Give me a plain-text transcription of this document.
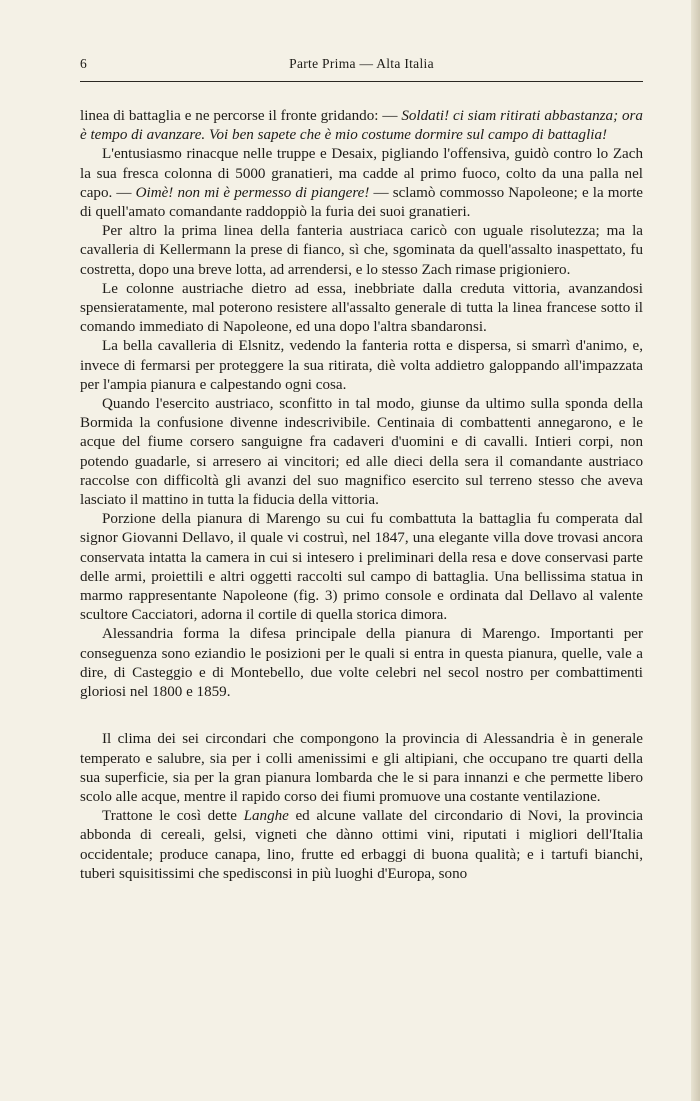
6	Parte Prima — Alta Italia

linea di battaglia e ne percorse il fronte gridando: — Soldati! ci siam ritirati abbastanza; ora è tempo di avanzare. Voi ben sapete che è mio costume dormire sul campo di battaglia!

L'entusiasmo rinacque nelle truppe e Desaix, pigliando l'offensiva, guidò contro lo Zach la sua fresca colonna di 5000 granatieri, ma cadde al primo fuoco, colto da una palla nel capo. — Oimè! non mi è permesso di piangere! — sclamò commosso Napoleone; e la morte di quell'amato comandante raddoppiò la furia dei suoi granatieri.

Per altro la prima linea della fanteria austriaca caricò con uguale risolutezza; ma la cavalleria di Kellermann la prese di fianco, sì che, sgominata da quell'assalto inaspettato, fu costretta, dopo una breve lotta, ad arrendersi, e lo stesso Zach rimase prigioniero.

Le colonne austriache dietro ad essa, inebbriate dalla creduta vittoria, avanzandosi spensieratamente, mal poterono resistere all'assalto generale di tutta la linea francese sotto il comando immediato di Napoleone, ed una dopo l'altra sbandaronsi.

La bella cavalleria di Elsnitz, vedendo la fanteria rotta e dispersa, si smarrì d'animo, e, invece di fermarsi per proteggere la sua ritirata, diè volta addietro galoppando all'impazzata per l'ampia pianura e calpestando ogni cosa.

Quando l'esercito austriaco, sconfitto in tal modo, giunse da ultimo sulla sponda della Bormida la confusione divenne indescrivibile. Centinaia di combattenti annegarono, e le acque del fiume corsero sanguigne fra cadaveri d'uomini e di cavalli. Intieri corpi, non potendo guadarle, si arresero ai vincitori; ed alle dieci della sera il comandante austriaco raccolse con difficoltà gli avanzi del suo magnifico esercito sul terreno stesso che aveva lasciato il mattino in tutta la fiducia della vittoria.

Porzione della pianura di Marengo su cui fu combattuta la battaglia fu comperata dal signor Giovanni Dellavo, il quale vi costruì, nel 1847, una elegante villa dove trovasi ancora conservata intatta la camera in cui si intesero i preliminari della resa e dove conservasi parte delle armi, proiettili e altri oggetti raccolti sul campo di battaglia. Una bellissima statua in marmo rappresentante Napoleone (fig. 3) primo console e ordinata dal Dellavo al valente scultore Cacciatori, adorna il cortile di quella storica dimora.

Alessandria forma la difesa principale della pianura di Marengo. Importanti per conseguenza sono eziandio le posizioni per le quali si entra in questa pianura, quelle, vale a dire, di Casteggio e di Montebello, due volte celebri nel secol nostro per combattimenti gloriosi nel 1800 e 1859.

Il clima dei sei circondari che compongono la provincia di Alessandria è in generale temperato e salubre, sia per i colli amenissimi e gli altipiani, che occupano tre quarti della sua superficie, sia per la gran pianura lombarda che le si para innanzi e che permette libero scolo alle acque, mentre il rapido corso dei fiumi promuove una costante ventilazione.

Trattone le così dette Langhe ed alcune vallate del circondario di Novi, la provincia abbonda di cereali, gelsi, vigneti che dànno ottimi vini, riputati i migliori dell'Italia occidentale; produce canapa, lino, frutte ed erbaggi di buona qualità; e i tartufi bianchi, tuberi squisitissimi che spedisconsi in più luoghi d'Europa, sono
